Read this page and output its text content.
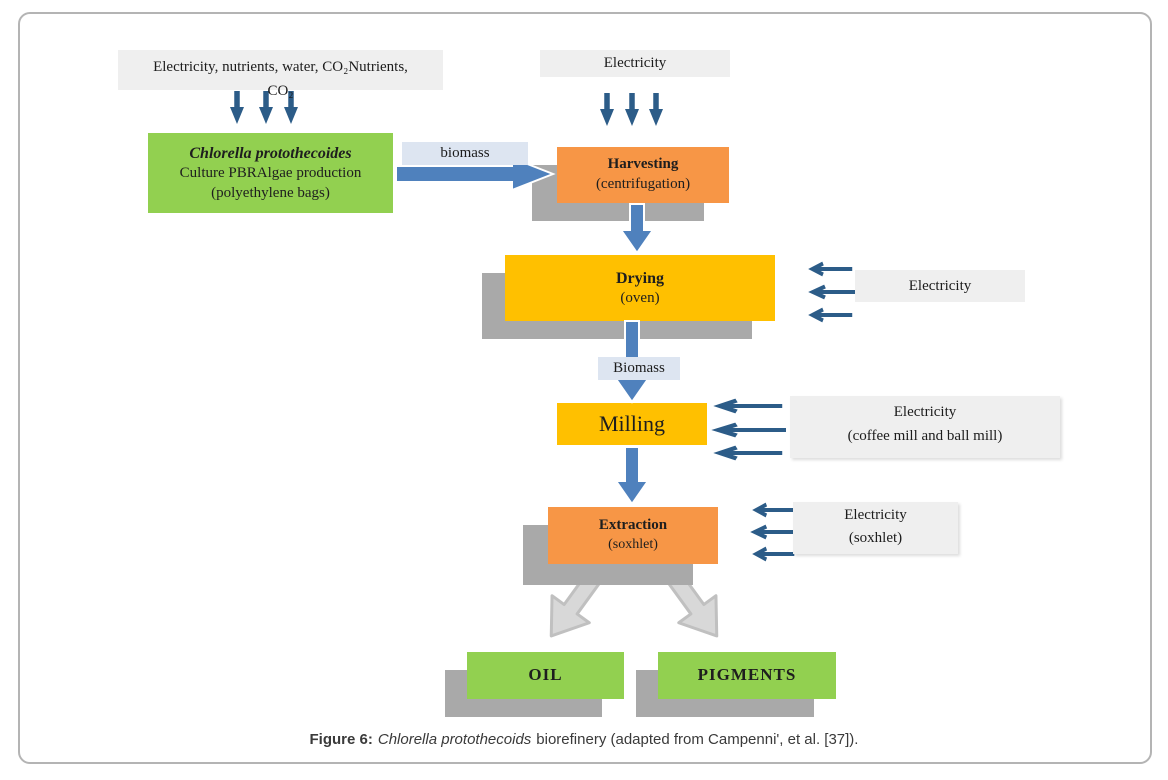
Electricity, nutrients, water, CO₂Nutrients,
CO₂
Chlorella protothecoides
Culture PBRAlgae production
(polyethylene bags)
biomass
Electricity
Harvesting
(centrifugation)
Drying
(oven)
Electricity
Biomass
Milling	Electricity
(coffee mill and ball mill)
Extraction
(soxhlet)
Electricity
(soxhlet)
OIL	PIGMENTS
Figure 6: Chlorella protothecoids biorefinery (adapted from Campenni', et al. [37]).
